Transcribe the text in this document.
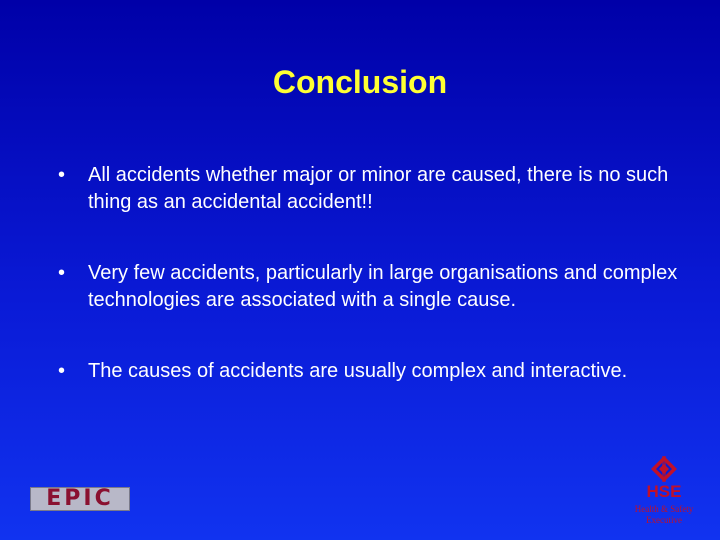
Conclusion
•	All accidents whether major or minor are caused, there is no such thing as an accidental accident!!
•	Very few accidents, particularly in large organisations and complex technologies are associated with a single cause.
•	The causes of accidents are usually complex and interactive.
EPIC	HSE
Health & Safety
Executive
